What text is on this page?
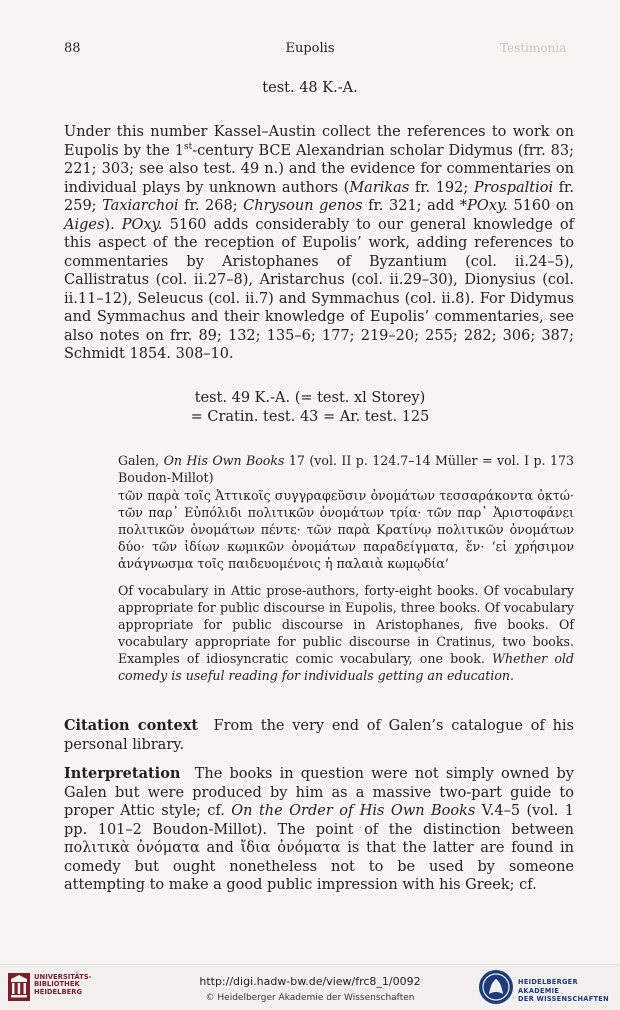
88	Eupolis	Testimonia
test. 48 K.-A.
Under this number Kassel–Austin collect the references to work on Eupolis by the 1st-century BCE Alexandrian scholar Didymus (frr. 83; 221; 303; see also test. 49 n.) and the evidence for commentaries on individual plays by unknown authors (Marikas fr. 192; Prospaltioi fr. 259; Taxiarchoi fr. 268; Chrysoun genos fr. 321; add *POxy. 5160 on Aiges). POxy. 5160 adds considerably to our general knowledge of this aspect of the reception of Eupolis’ work, adding references to commentaries by Aristophanes of Byzantium (col. ii.24–5), Callistratus (col. ii.27–8), Aristarchus (col. ii.29–30), Dionysius (col. ii.11–12), Seleucus (col. ii.7) and Symmachus (col. ii.8). For Didymus and Symmachus and their knowledge of Eupolis’ commentaries, see also notes on frr. 89; 132; 135–6; 177; 219–20; 255; 282; 306; 387; Schmidt 1854. 308–10.
test. 49 K.-A. (= test. xl Storey)
= Cratin. test. 43 = Ar. test. 125
Galen, On His Own Books 17 (vol. II p. 124.7–14 Müller = vol. I p. 173 Boudon-Millot)
τῶν παρὰ τοῖς Ἀττικοῖς συγγραφεῦσιν ὀνομάτων τεσσαράκοντα ὀκτώ· τῶν παρ᾽ Εὐπόλιδι πολιτικῶν ὀνομάτων τρία· τῶν παρ᾽ Ἀριστοφάνει πολιτικῶν ὀνομάτων πέντε· τῶν παρὰ Κρατίνῳ πολιτικῶν ὀνομάτων δύο· τῶν ἰδίων κωμικῶν ὀνομάτων παραδείγματα, ἕν· ‘εἰ χρήσιμον ἀνάγνωσμα τοῖς παιδευομένοις ἡ παλαιὰ κωμῳδία’
Of vocabulary in Attic prose-authors, forty-eight books. Of vocabulary appropriate for public discourse in Eupolis, three books. Of vocabulary appropriate for public discourse in Aristophanes, five books. Of vocabulary appropriate for public discourse in Cratinus, two books. Examples of idiosyncratic comic vocabulary, one book. Whether old comedy is useful reading for individuals getting an education.
Citation context From the very end of Galen’s catalogue of his personal library.
Interpretation The books in question were not simply owned by Galen but were produced by him as a massive two-part guide to proper Attic style; cf. On the Order of His Own Books V.4–5 (vol. 1 pp. 101–2 Boudon-Millot). The point of the distinction between πολιτικὰ ὀνόματα and ἴδια ὀνόματα is that the latter are found in comedy but ought nonetheless not to be used by someone attempting to make a good public impression with his Greek; cf.
UNIVERSITÄTS-
BIBLIOTHEK
HEIDELBERG
http://digi.hadw-bw.de/view/frc8_1/0092
© Heidelberger Akademie der Wissenschaften
HEIDELBERGER AKADEMIE
DER WISSENSCHAFTEN
